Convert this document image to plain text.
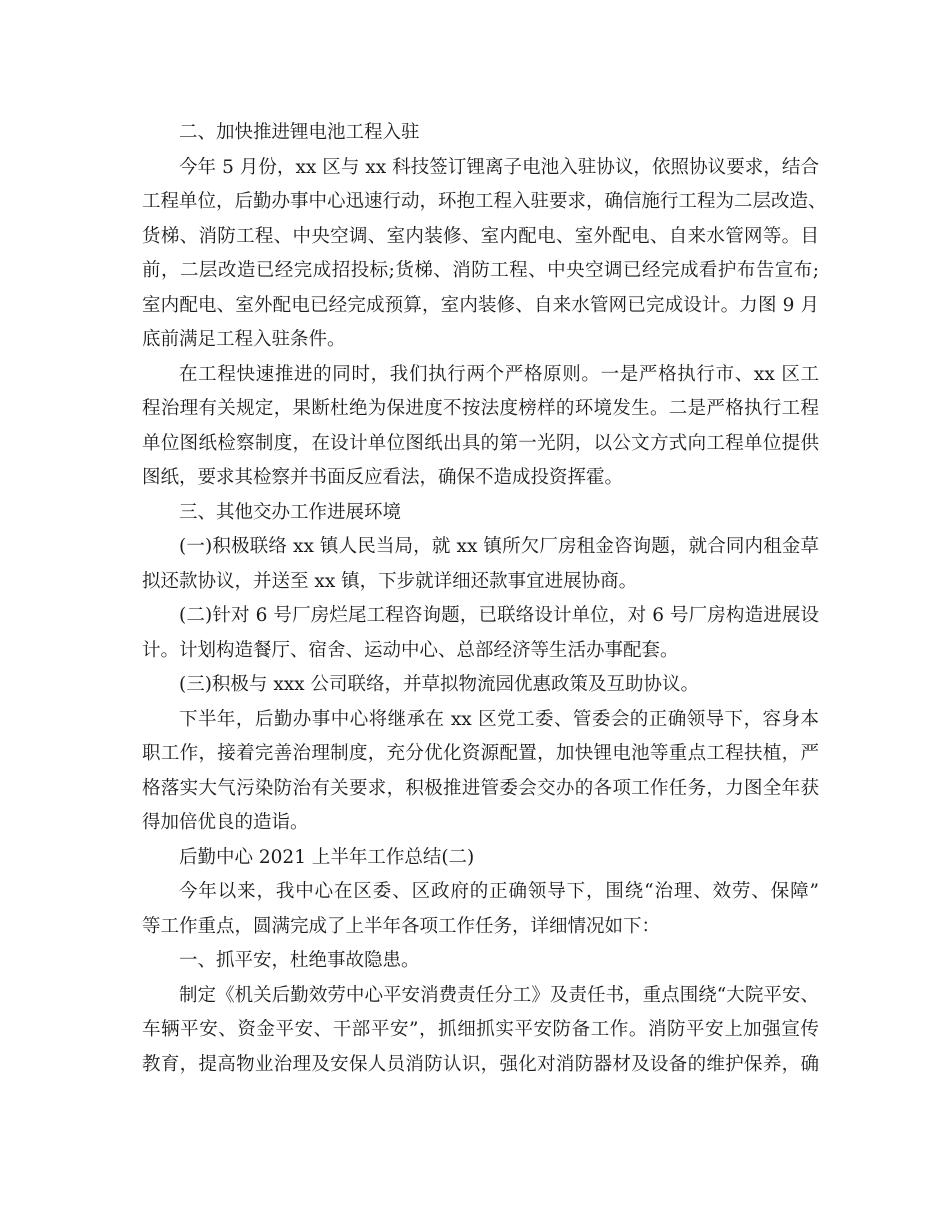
二、加快推进锂电池工程入驻
今年 5 月份，xx 区与 xx 科技签订锂离子电池入驻协议，依照协议要求，结合
工程单位，后勤办事中心迅速行动，环抱工程入驻要求，确信施行工程为二层改造、
货梯、消防工程、中央空调、室内装修、室内配电、室外配电、自来水管网等。目
前，二层改造已经完成招投标;货梯、消防工程、中央空调已经完成看护布告宣布;
室内配电、室外配电已经完成预算，室内装修、自来水管网已完成设计。力图 9 月
底前满足工程入驻条件。
在工程快速推进的同时，我们执行两个严格原则。一是严格执行市、xx 区工
程治理有关规定，果断杜绝为保进度不按法度榜样的环境发生。二是严格执行工程
单位图纸检察制度，在设计单位图纸出具的第一光阴，以公文方式向工程单位提供
图纸，要求其检察并书面反应看法，确保不造成投资挥霍。
三、其他交办工作进展环境
(一)积极联络 xx 镇人民当局，就 xx 镇所欠厂房租金咨询题，就合同内租金草
拟还款协议，并送至 xx 镇，下步就详细还款事宜进展协商。
(二)针对 6 号厂房烂尾工程咨询题，已联络设计单位，对 6 号厂房构造进展设
计。计划构造餐厅、宿舍、运动中心、总部经济等生活办事配套。
(三)积极与 xxx 公司联络，并草拟物流园优惠政策及互助协议。
下半年，后勤办事中心将继承在 xx 区党工委、管委会的正确领导下，容身本
职工作，接着完善治理制度，充分优化资源配置，加快锂电池等重点工程扶植，严
格落实大气污染防治有关要求，积极推进管委会交办的各项工作任务，力图全年获
得加倍优良的造诣。
后勤中心 2021 上半年工作总结(二)
今年以来，我中心在区委、区政府的正确领导下，围绕“治理、效劳、保障”
等工作重点，圆满完成了上半年各项工作任务，详细情况如下：
一、抓平安，杜绝事故隐患。
制定《机关后勤效劳中心平安消费责任分工》及责任书，重点围绕“大院平安、
车辆平安、资金平安、干部平安”，抓细抓实平安防备工作。消防平安上加强宣传
教育，提高物业治理及安保人员消防认识，强化对消防器材及设备的维护保养，确
